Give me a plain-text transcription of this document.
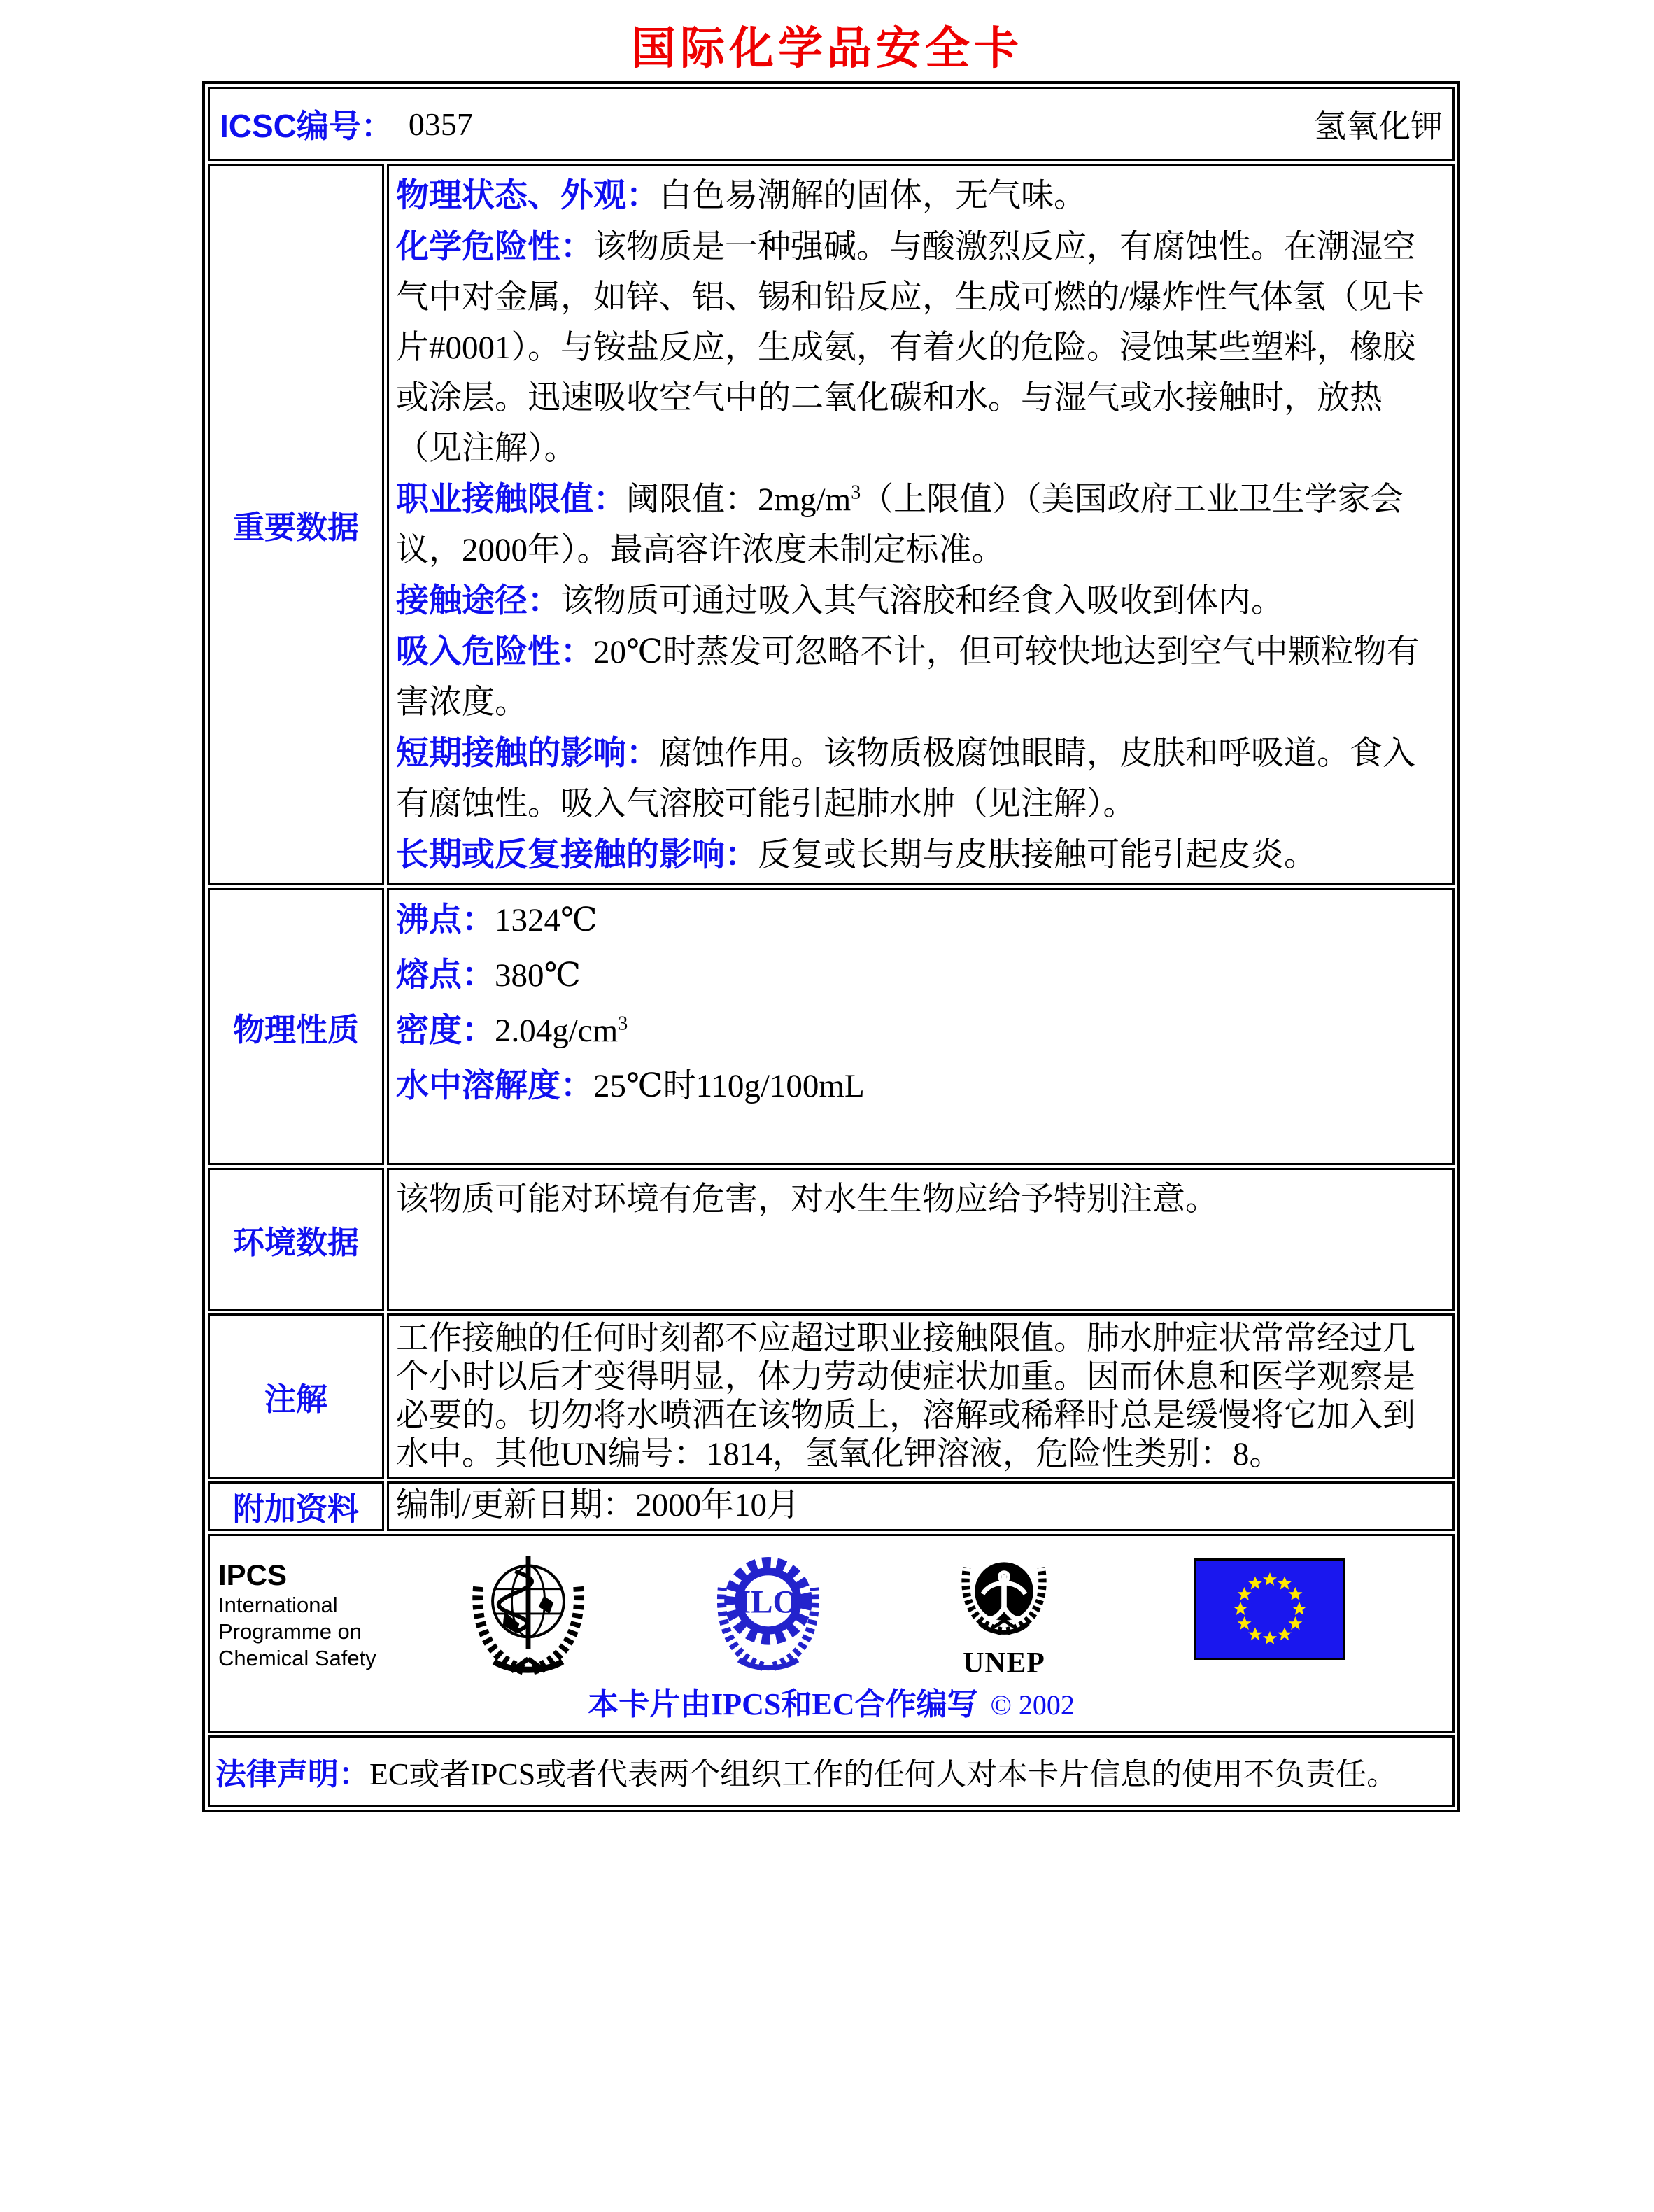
国际化学品安全卡
ICSC编号： 0357	氢氧化钾
重要数据
物理状态、外观：白色易潮解的固体，无气味。
化学危险性：该物质是一种强碱。与酸激烈反应，有腐蚀性。在潮湿空气中对金属，如锌、铝、锡和铅反应，生成可燃的/爆炸性气体氢（见卡片#0001）。与铵盐反应，生成氨，有着火的危险。浸蚀某些塑料，橡胶或涂层。迅速吸收空气中的二氧化碳和水。与湿气或水接触时，放热（见注解）。
职业接触限值：阈限值：$2mg/m^3$（上限值）（美国政府工业卫生学家会议，2000年）。最高容许浓度未制定标准。
接触途径：该物质可通过吸入其气溶胶和经食入吸收到体内。
吸入危险性：20℃时蒸发可忽略不计，但可较快地达到空气中颗粒物有害浓度。
短期接触的影响：腐蚀作用。该物质极腐蚀眼睛，皮肤和呼吸道。食入有腐蚀性。吸入气溶胶可能引起肺水肿（见注解）。
长期或反复接触的影响：反复或长期与皮肤接触可能引起皮炎。
物理性质
沸点：1324℃
熔点：380℃
密度：$2.04g/cm^3$
水中溶解度：25℃时110g/100mL
环境数据
该物质可能对环境有危害，对水生生物应给予特别注意。
注解
工作接触的任何时刻都不应超过职业接触限值。肺水肿症状常常经过几个小时以后才变得明显，体力劳动使症状加重。因而休息和医学观察是必要的。切勿将水喷洒在该物质上，溶解或稀释时总是缓慢将它加入到水中。其他UN编号：1814，氢氧化钾溶液，危险性类别：8。
附加资料	编制/更新日期：2000年10月
IPCS
International
Programme on
Chemical Safety
ILO
UNEP
本卡片由IPCS和EC合作编写 © 2002
法律声明：EC或者IPCS或者代表两个组织工作的任何人对本卡片信息的使用不负责任。
